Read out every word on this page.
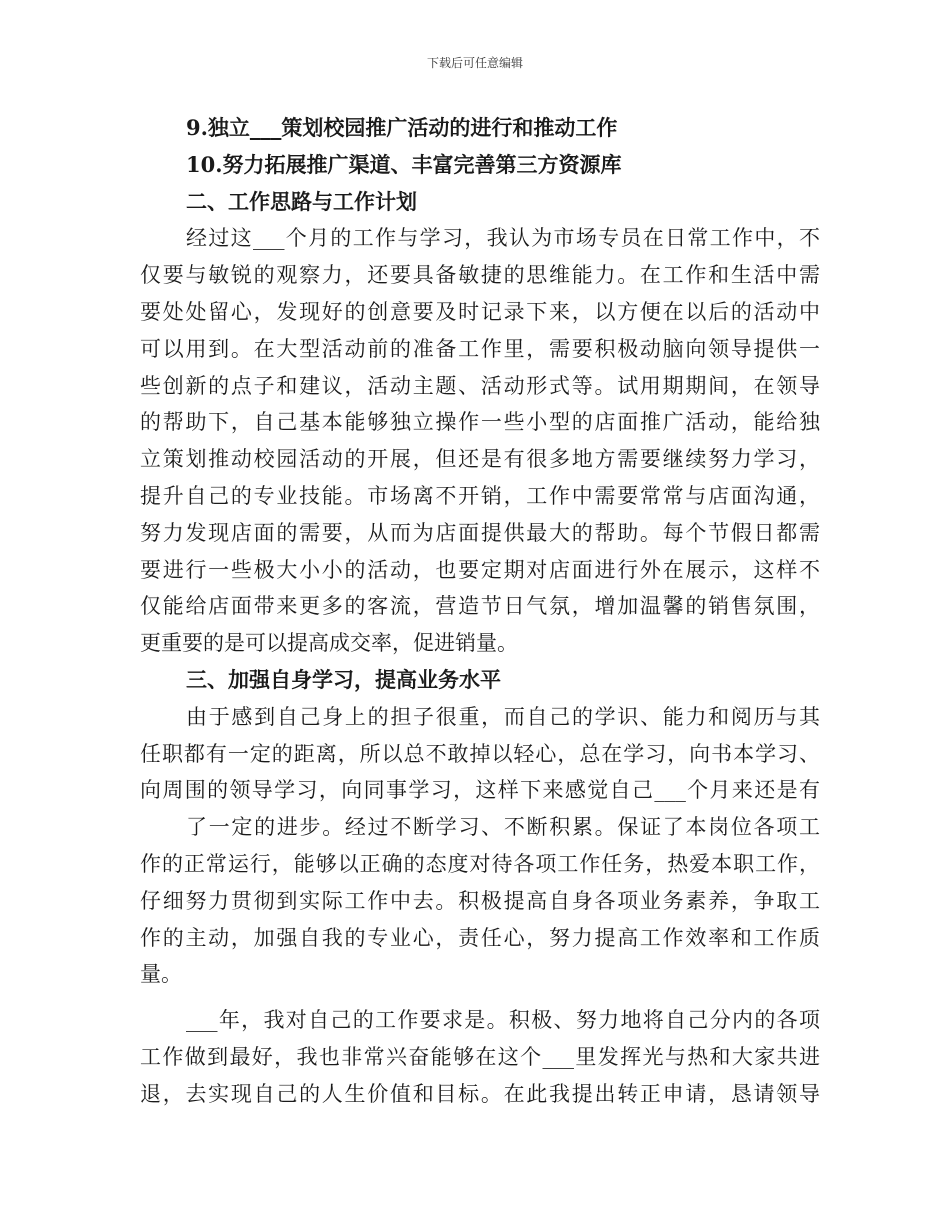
下载后可任意编辑
9.独立___策划校园推广活动的进行和推动工作
10.努力拓展推广渠道、丰富完善第三方资源库
二、工作思路与工作计划
经过这___个月的工作与学习，我认为市场专员在日常工作中，不
仅要与敏锐的观察力，还要具备敏捷的思维能力。在工作和生活中需
要处处留心，发现好的创意要及时记录下来，以方便在以后的活动中
可以用到。在大型活动前的准备工作里，需要积极动脑向领导提供一
些创新的点子和建议，活动主题、活动形式等。试用期期间，在领导
的帮助下，自己基本能够独立操作一些小型的店面推广活动，能给独
立策划推动校园活动的开展，但还是有很多地方需要继续努力学习，
提升自己的专业技能。市场离不开销，工作中需要常常与店面沟通，
努力发现店面的需要，从而为店面提供最大的帮助。每个节假日都需
要进行一些极大小小的活动，也要定期对店面进行外在展示，这样不
仅能给店面带来更多的客流，营造节日气氛，增加温馨的销售氛围，
更重要的是可以提高成交率，促进销量。
三、加强自身学习，提高业务水平
由于感到自己身上的担子很重，而自己的学识、能力和阅历与其
任职都有一定的距离，所以总不敢掉以轻心，总在学习，向书本学习、
向周围的领导学习，向同事学习，这样下来感觉自己___个月来还是有
了一定的进步。经过不断学习、不断积累。保证了本岗位各项工
作的正常运行，能够以正确的态度对待各项工作任务，热爱本职工作，
仔细努力贯彻到实际工作中去。积极提高自身各项业务素养，争取工
作的主动，加强自我的专业心，责任心，努力提高工作效率和工作质
量。
___年，我对自己的工作要求是。积极、努力地将自己分内的各项
工作做到最好，我也非常兴奋能够在这个___里发挥光与热和大家共进
退，去实现自己的人生价值和目标。在此我提出转正申请，恳请领导
